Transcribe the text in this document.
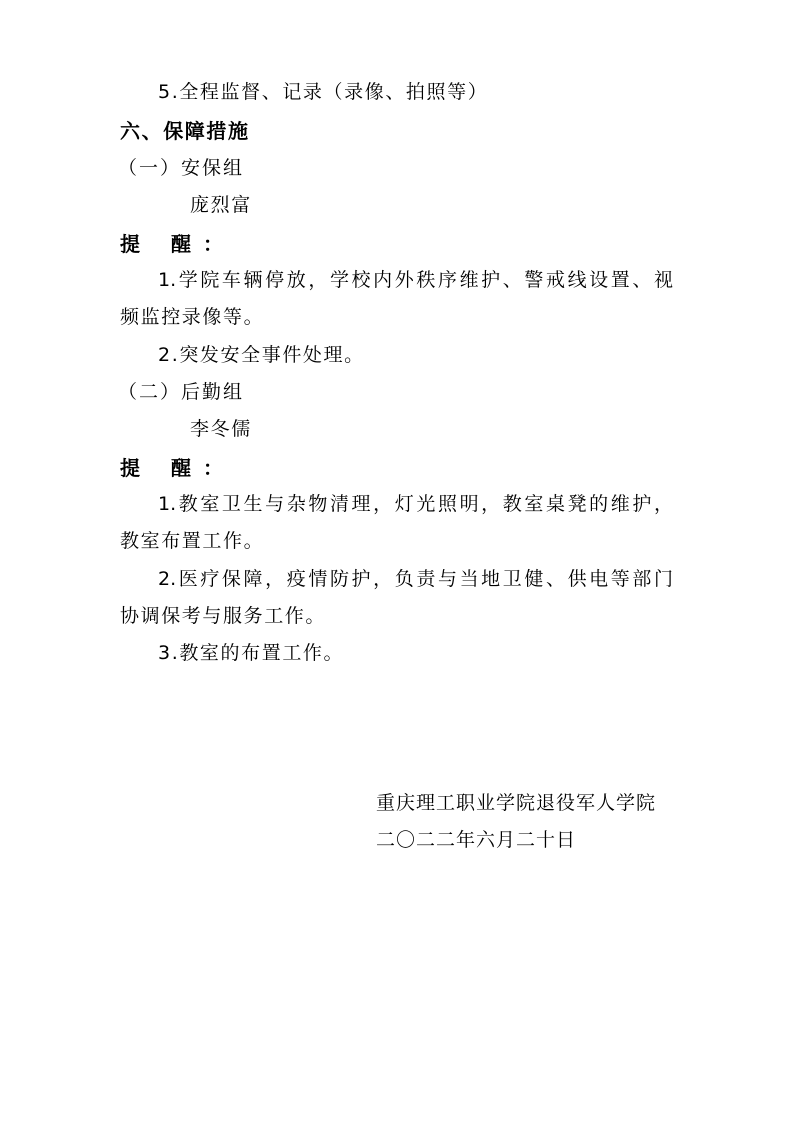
5.全程监督、记录（录像、拍照等）
六、保障措施
（一）安保组
庞烈富
提 醒：
1.学院车辆停放，学校内外秩序维护、警戒线设置、视
频监控录像等。
2.突发安全事件处理。
（二）后勤组
李冬儒
提 醒：
1.教室卫生与杂物清理，灯光照明，教室桌凳的维护，
教室布置工作。
2.医疗保障，疫情防护，负责与当地卫健、供电等部门
协调保考与服务工作。
3.教室的布置工作。
重庆理工职业学院退役军人学院
二〇二二年六月二十日
